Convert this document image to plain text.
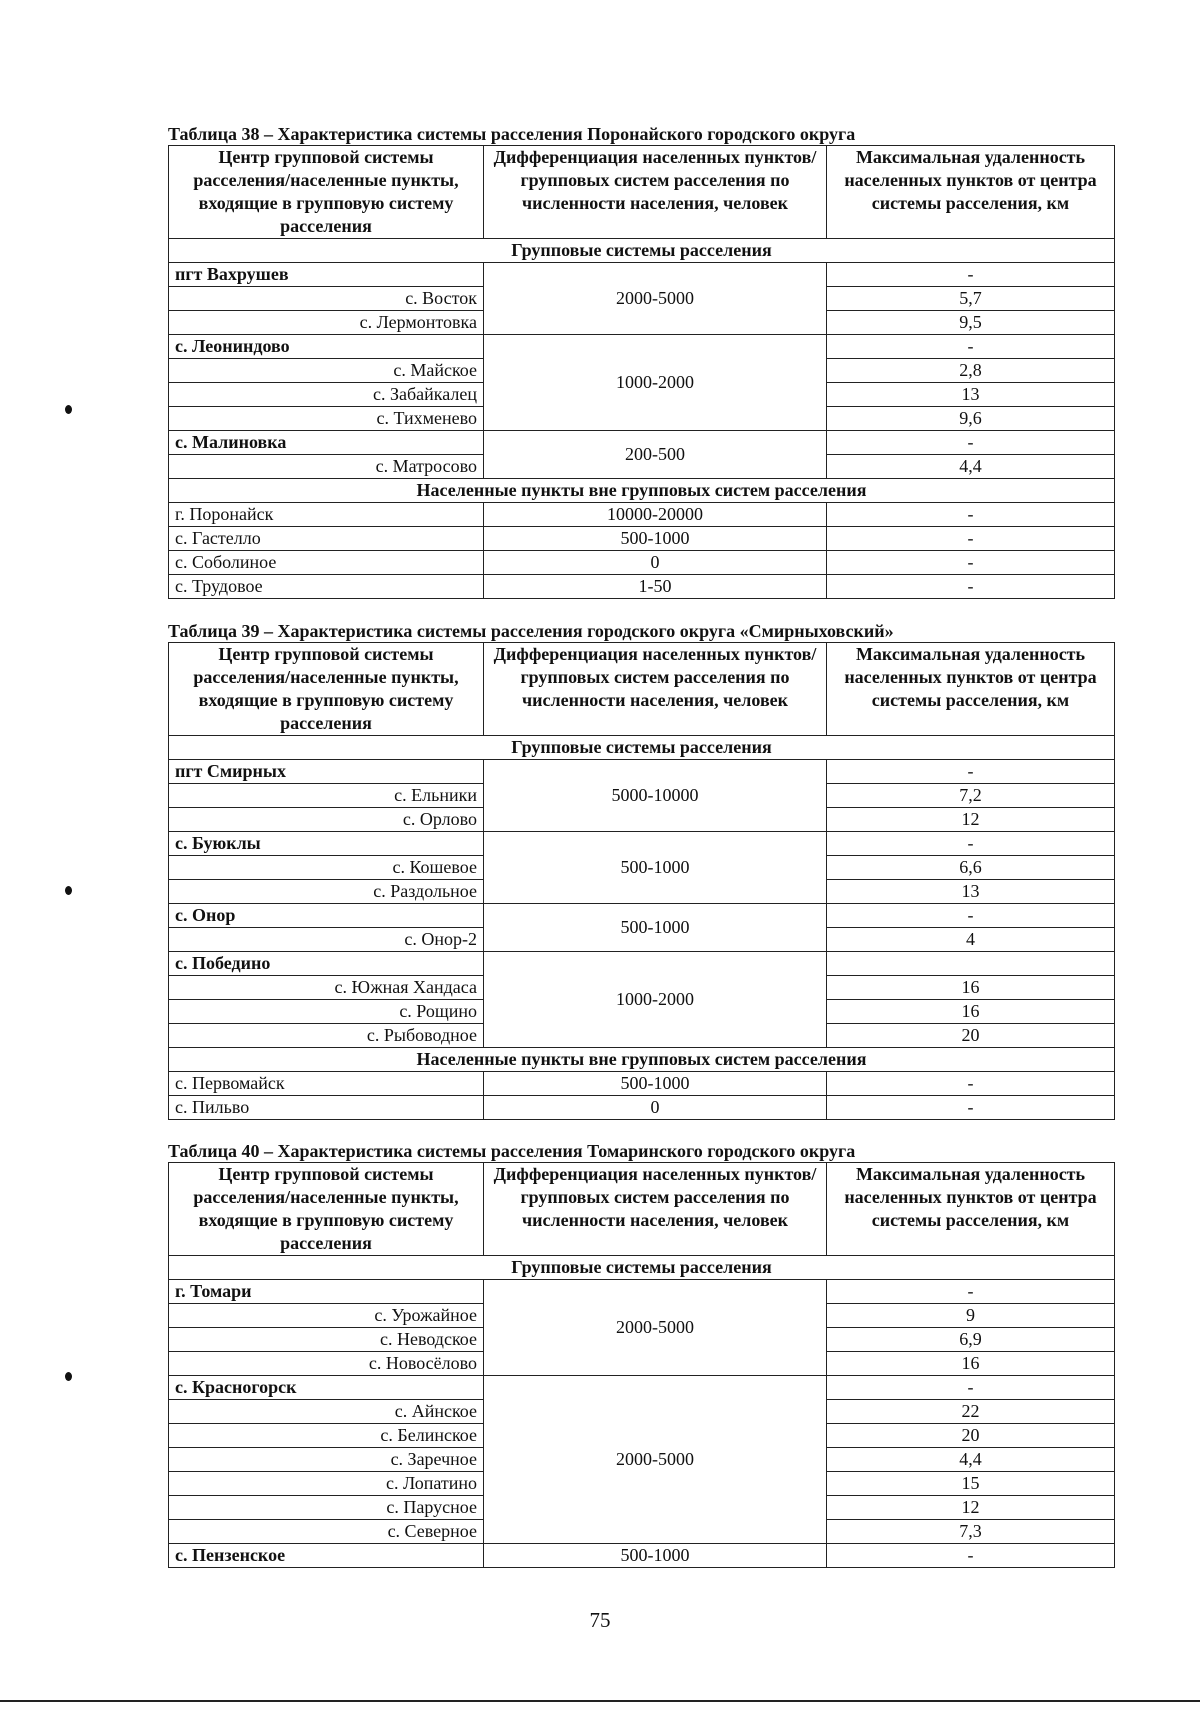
Таблица 38 – Характеристика системы расселения Поронайского городского округа
Центр групповой системы расселения/населенные пункты, входящие в групповую систему расселения	Дифференциация населенных пунктов/групповых систем расселения по численности населения, человек	Максимальная удаленность населенных пунктов от центра системы расселения, км
Групповые системы расселения		
пгт Вахрушев	2000-5000	-
с. Восток		5,7
с. Лермонтовка		9,5
с. Леониндово	1000-2000	-
с. Майское		2,8
с. Забайкалец		13
с. Тихменево		9,6
с. Малиновка	200-500	-
с. Матросово		4,4
Населенные пункты вне групповых систем расселения		
г. Поронайск	10000-20000	-
с. Гастелло	500-1000	-
с. Соболиное	0	-
с. Трудовое	1-50	-
Таблица 39 – Характеристика системы расселения городского округа «Смирныховский»
Центр групповой системы расселения/населенные пункты, входящие в групповую систему расселения	Дифференциация населенных пунктов/групповых систем расселения по численности населения, человек	Максимальная удаленность населенных пунктов от центра системы расселения, км
Групповые системы расселения		
пгт Смирных	5000-10000	-
с. Ельники		7,2
с. Орлово		12
с. Буюклы	500-1000	-
с. Кошевое		6,6
с. Раздольное		13
с. Онор	500-1000	-
с. Онор-2		4
с. Победино	1000-2000	
с. Южная Хандаса		16
с. Рощино		16
с. Рыбоводное		20
Населенные пункты вне групповых систем расселения		
с. Первомайск	500-1000	-
с. Пильво	0	-
Таблица 40 – Характеристика системы расселения Томаринского городского округа
Центр групповой системы расселения/населенные пункты, входящие в групповую систему расселения	Дифференциация населенных пунктов/групповых систем расселения по численности населения, человек	Максимальная удаленность населенных пунктов от центра системы расселения, км
Групповые системы расселения		
г. Томари	2000-5000	-
с. Урожайное		9
с. Неводское		6,9
с. Новосёлово		16
с. Красногорск	2000-5000	-
с. Айнское		22
с. Белинское		20
с. Заречное		4,4
с. Лопатино		15
с. Парусное		12
с. Северное		7,3
с. Пензенское	500-1000	-
75
